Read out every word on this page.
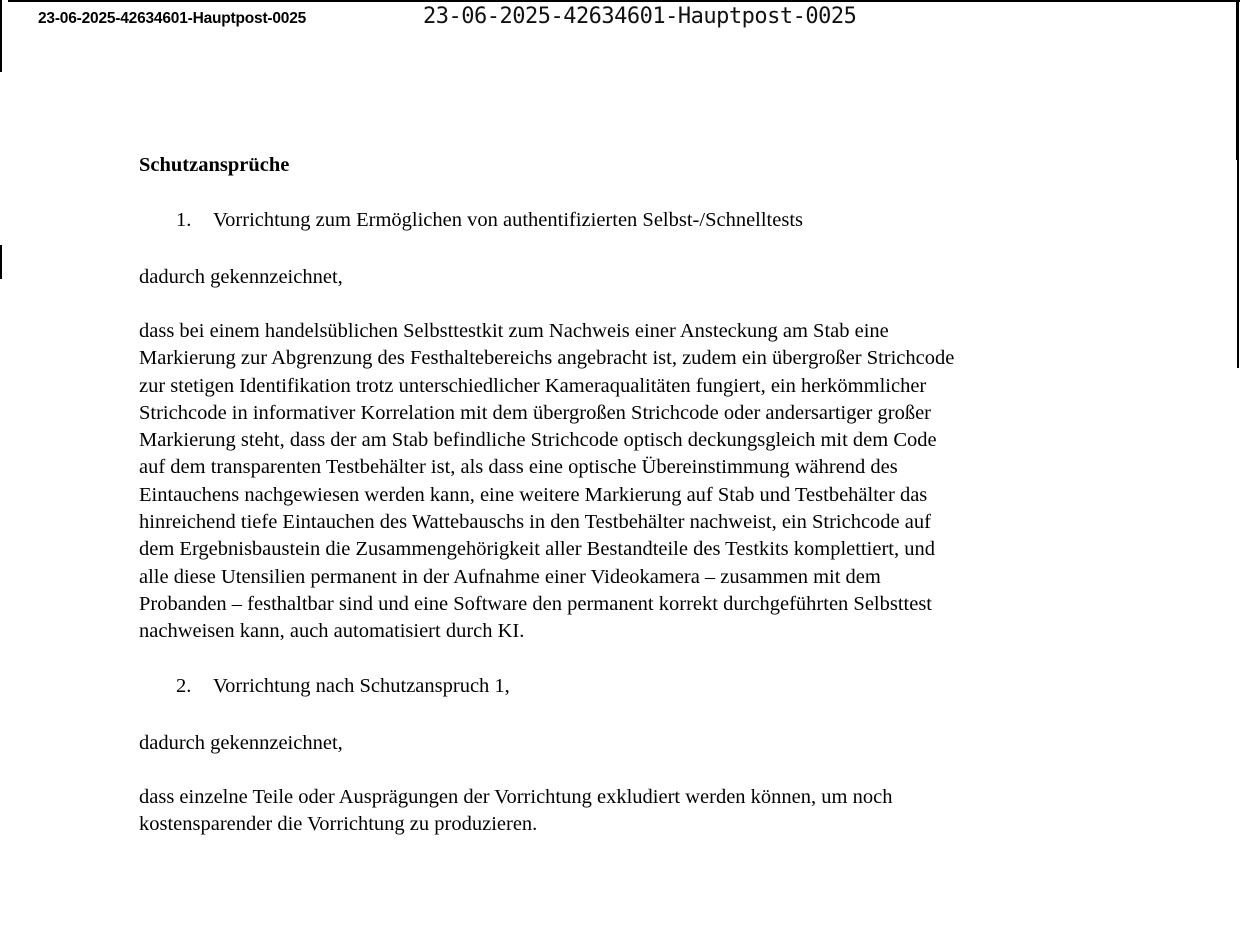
23-06-2025-42634601-Hauptpost-0025	23-06-2025-42634601-Hauptpost-0025
Schutzansprüche
1. Vorrichtung zum Ermöglichen von authentifizierten Selbst-/Schnelltests
dadurch gekennzeichnet,
dass bei einem handelsüblichen Selbsttestkit zum Nachweis einer Ansteckung am Stab eine
Markierung zur Abgrenzung des Festhaltebereichs angebracht ist, zudem ein übergroßer Strichcode
zur stetigen Identifikation trotz unterschiedlicher Kameraqualitäten fungiert, ein herkömmlicher
Strichcode in informativer Korrelation mit dem übergroßen Strichcode oder andersartiger großer
Markierung steht, dass der am Stab befindliche Strichcode optisch deckungsgleich mit dem Code
auf dem transparenten Testbehälter ist, als dass eine optische Übereinstimmung während des
Eintauchens nachgewiesen werden kann, eine weitere Markierung auf Stab und Testbehälter das
hinreichend tiefe Eintauchen des Wattebauschs in den Testbehälter nachweist, ein Strichcode auf
dem Ergebnisbaustein die Zusammengehörigkeit aller Bestandteile des Testkits komplettiert, und
alle diese Utensilien permanent in der Aufnahme einer Videokamera – zusammen mit dem
Probanden – festhaltbar sind und eine Software den permanent korrekt durchgeführten Selbsttest
nachweisen kann, auch automatisiert durch KI.
2. Vorrichtung nach Schutzanspruch 1,
dadurch gekennzeichnet,
dass einzelne Teile oder Ausprägungen der Vorrichtung exkludiert werden können, um noch
kostensparender die Vorrichtung zu produzieren.
